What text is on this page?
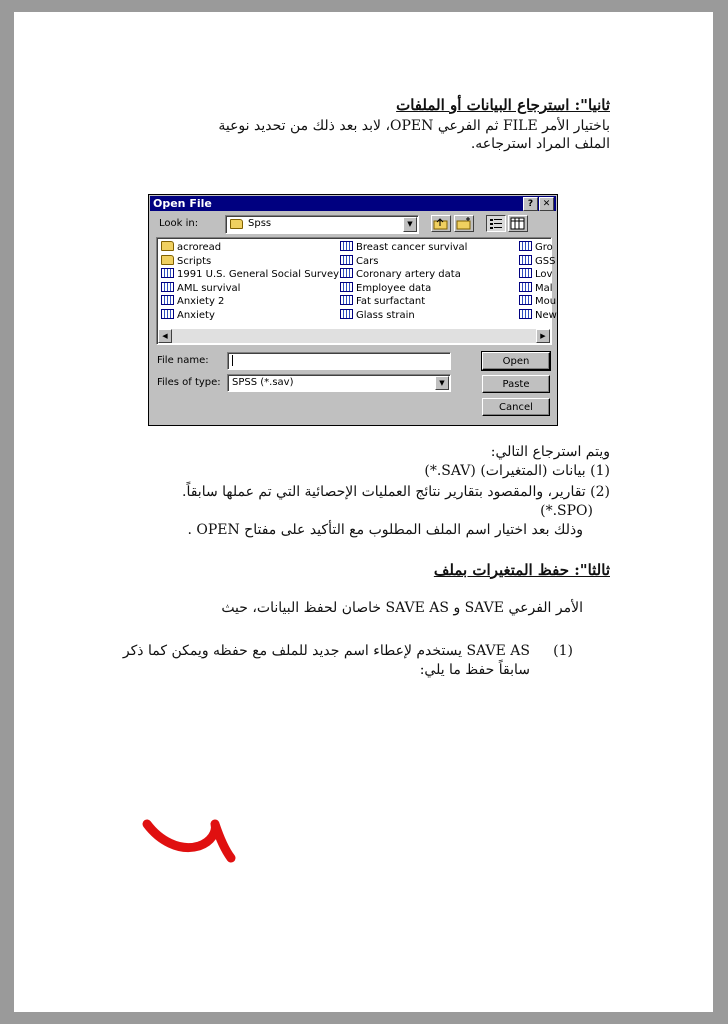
ثانيا": استرجاع البيانات أو الملفات
باختيار الأمر FILE ثم الفرعي OPEN، لابد بعد ذلك من تحديد نوعية
الملف المراد استرجاعه.
Open File	?	✕
Look in:	Spss	▼
acroread
Scripts
1991 U.S. General Social Survey
AML survival
Anxiety 2
Anxiety
Breast cancer survival
Cars
Coronary artery data
Employee data
Fat surfactant
Glass strain
Gro
GSS
Lov
Mal
Mou
New
◀	▶
File name:
Files of type: SPSS (*.sav)	▼
Open
Paste
Cancel
ويتم استرجاع التالي:
(1) بيانات (المتغيرات) (SAV.*)
(2) تقارير، والمقصود بتقارير نتائج العمليات الإحصائية التي تم عملها سابقاً.
(SPO.*)
وذلك بعد اختيار اسم الملف المطلوب مع التأكيد على مفتاح OPEN .
ثالثا": حفظ المتغيرات بملف
الأمر الفرعي SAVE و SAVE AS خاصان لحفظ البيانات، حيث
(1)
SAVE AS يستخدم لإعطاء اسم جديد للملف مع حفظه ويمكن كما ذكر
سابقاً حفظ ما يلي:
